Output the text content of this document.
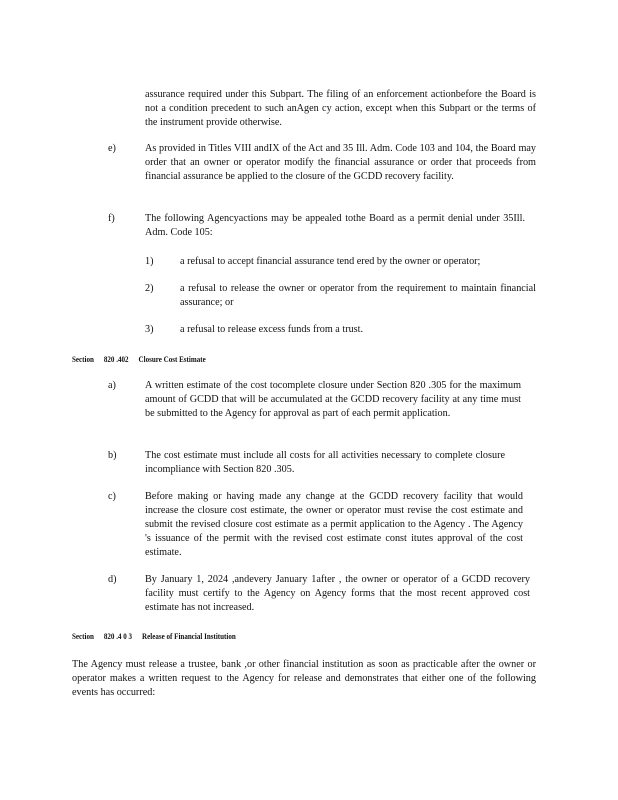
assurance required under this Subpart. The filing of an enforcement actionbefore the Board is not a condition precedent to such anAgen cy action, except when this Subpart or the terms of the instrument provide otherwise.
e)	As provided in Titles VIII andIX of the Act and 35 Ill. Adm. Code 103 and 104, the Board may order that an owner or operator modify the financial assurance or order that proceeds from financial assurance be applied to the closure of the GCDD recovery facility.
f)	The following Agencyactions may be appealed tothe Board as a permit denial under 35Ill. Adm. Code 105:
1)	a refusal to accept financial assurance tend ered by the owner or operator;
2)	a refusal to release the owner or operator from the requirement to maintain financial assurance; or
3)	a refusal to release excess funds from a trust.
Section 820 .402 Closure Cost Estimate
a)	A written estimate of the cost tocomplete closure under Section 820 .305 for the maximum amount of GCDD that will be accumulated at the GCDD recovery facility at any time must be submitted to the Agency for approval as part of each permit application.
b)	The cost estimate must include all costs for all activities necessary to complete closure incompliance with Section 820 .305.
c)	Before making or having made any change at the GCDD recovery facility that would increase the closure cost estimate, the owner or operator must revise the cost estimate and submit the revised closure cost estimate as a permit application to the Agency . The Agency 's issuance of the permit with the revised cost estimate const itutes approval of the cost estimate.
d)	By January 1, 2024 ,andevery January 1after , the owner or operator of a GCDD recovery facility must certify to the Agency on Agency forms that the most recent approved cost estimate has not increased.
Section 820 .4 0 3 Release of Financial Institution
The Agency must release a trustee, bank ,or other financial institution as soon as practicable after the owner or operator makes a written request to the Agency for release and demonstrates that either one of the following events has occurred:
